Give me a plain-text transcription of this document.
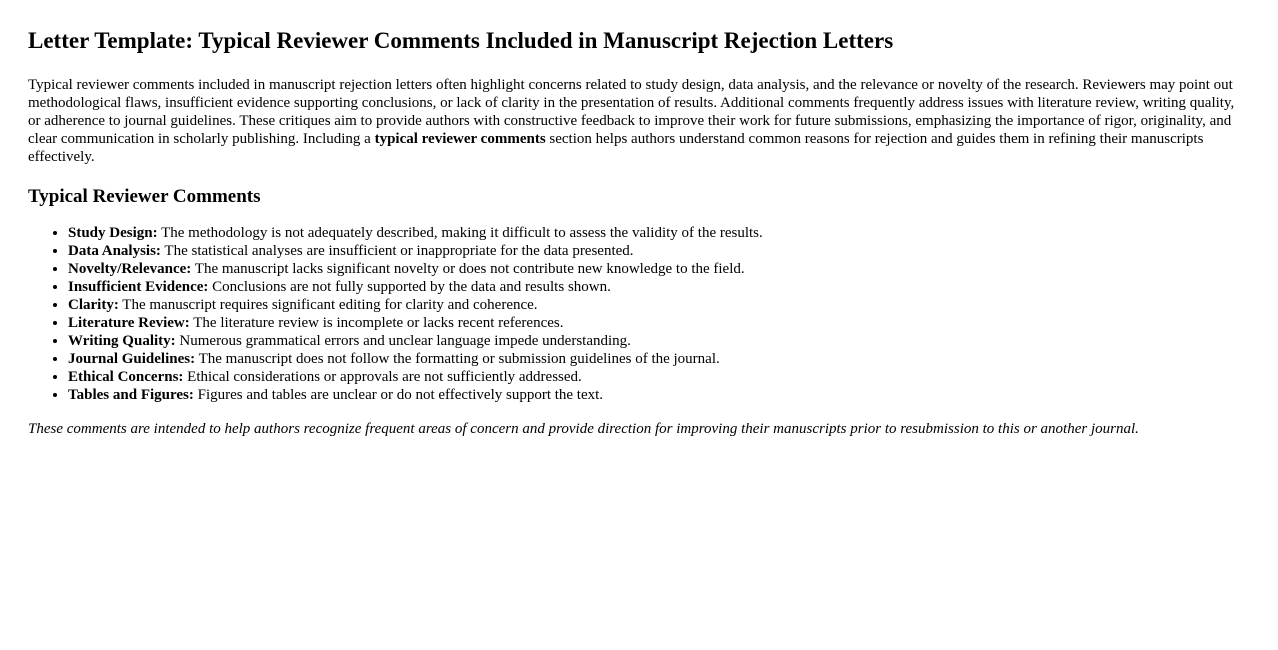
Letter Template: Typical Reviewer Comments Included in Manuscript Rejection Letters

Typical reviewer comments included in manuscript rejection letters often highlight concerns related to study design, data analysis, and the relevance or novelty of the research. Reviewers may point out methodological flaws, insufficient evidence supporting conclusions, or lack of clarity in the presentation of results. Additional comments frequently address issues with literature review, writing quality, or adherence to journal guidelines. These critiques aim to provide authors with constructive feedback to improve their work for future submissions, emphasizing the importance of rigor, originality, and clear communication in scholarly publishing. Including a typical reviewer comments section helps authors understand common reasons for rejection and guides them in refining their manuscripts effectively.

Typical Reviewer Comments
• Study Design: The methodology is not adequately described, making it difficult to assess the validity of the results.
• Data Analysis: The statistical analyses are insufficient or inappropriate for the data presented.
• Novelty/Relevance: The manuscript lacks significant novelty or does not contribute new knowledge to the field.
• Insufficient Evidence: Conclusions are not fully supported by the data and results shown.
• Clarity: The manuscript requires significant editing for clarity and coherence.
• Literature Review: The literature review is incomplete or lacks recent references.
• Writing Quality: Numerous grammatical errors and unclear language impede understanding.
• Journal Guidelines: The manuscript does not follow the formatting or submission guidelines of the journal.
• Ethical Concerns: Ethical considerations or approvals are not sufficiently addressed.
• Tables and Figures: Figures and tables are unclear or do not effectively support the text.

These comments are intended to help authors recognize frequent areas of concern and provide direction for improving their manuscripts prior to resubmission to this or another journal.
